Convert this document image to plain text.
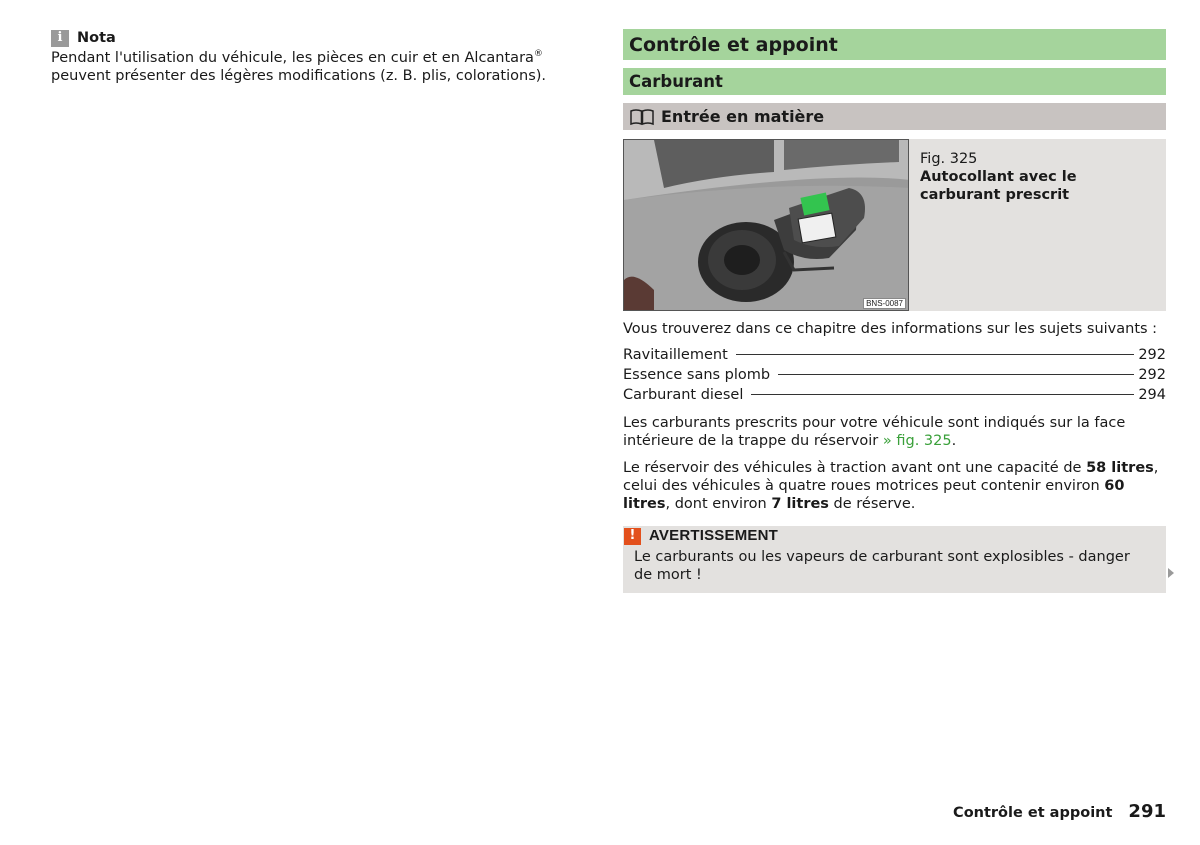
i	Nota
Pendant l'utilisation du véhicule, les pièces en cuir et en Alcantara® peuvent présenter des légères modifications (z. B. plis, colorations).
Contrôle et appoint
Carburant
Entrée en matière
BNS-0087
Fig. 325
Autocollant avec le carburant prescrit
Vous trouverez dans ce chapitre des informations sur les sujets suivants :
Ravitaillement	292
Essence sans plomb	292
Carburant diesel	294
Les carburants prescrits pour votre véhicule sont indiqués sur la face intérieure de la trappe du réservoir » fig. 325.
Le réservoir des véhicules à traction avant ont une capacité de 58 litres, celui des véhicules à quatre roues motrices peut contenir environ 60 litres, dont environ 7 litres de réserve.
! AVERTISSEMENT
Le carburants ou les vapeurs de carburant sont explosibles - danger de mort !
Contrôle et appoint 291
